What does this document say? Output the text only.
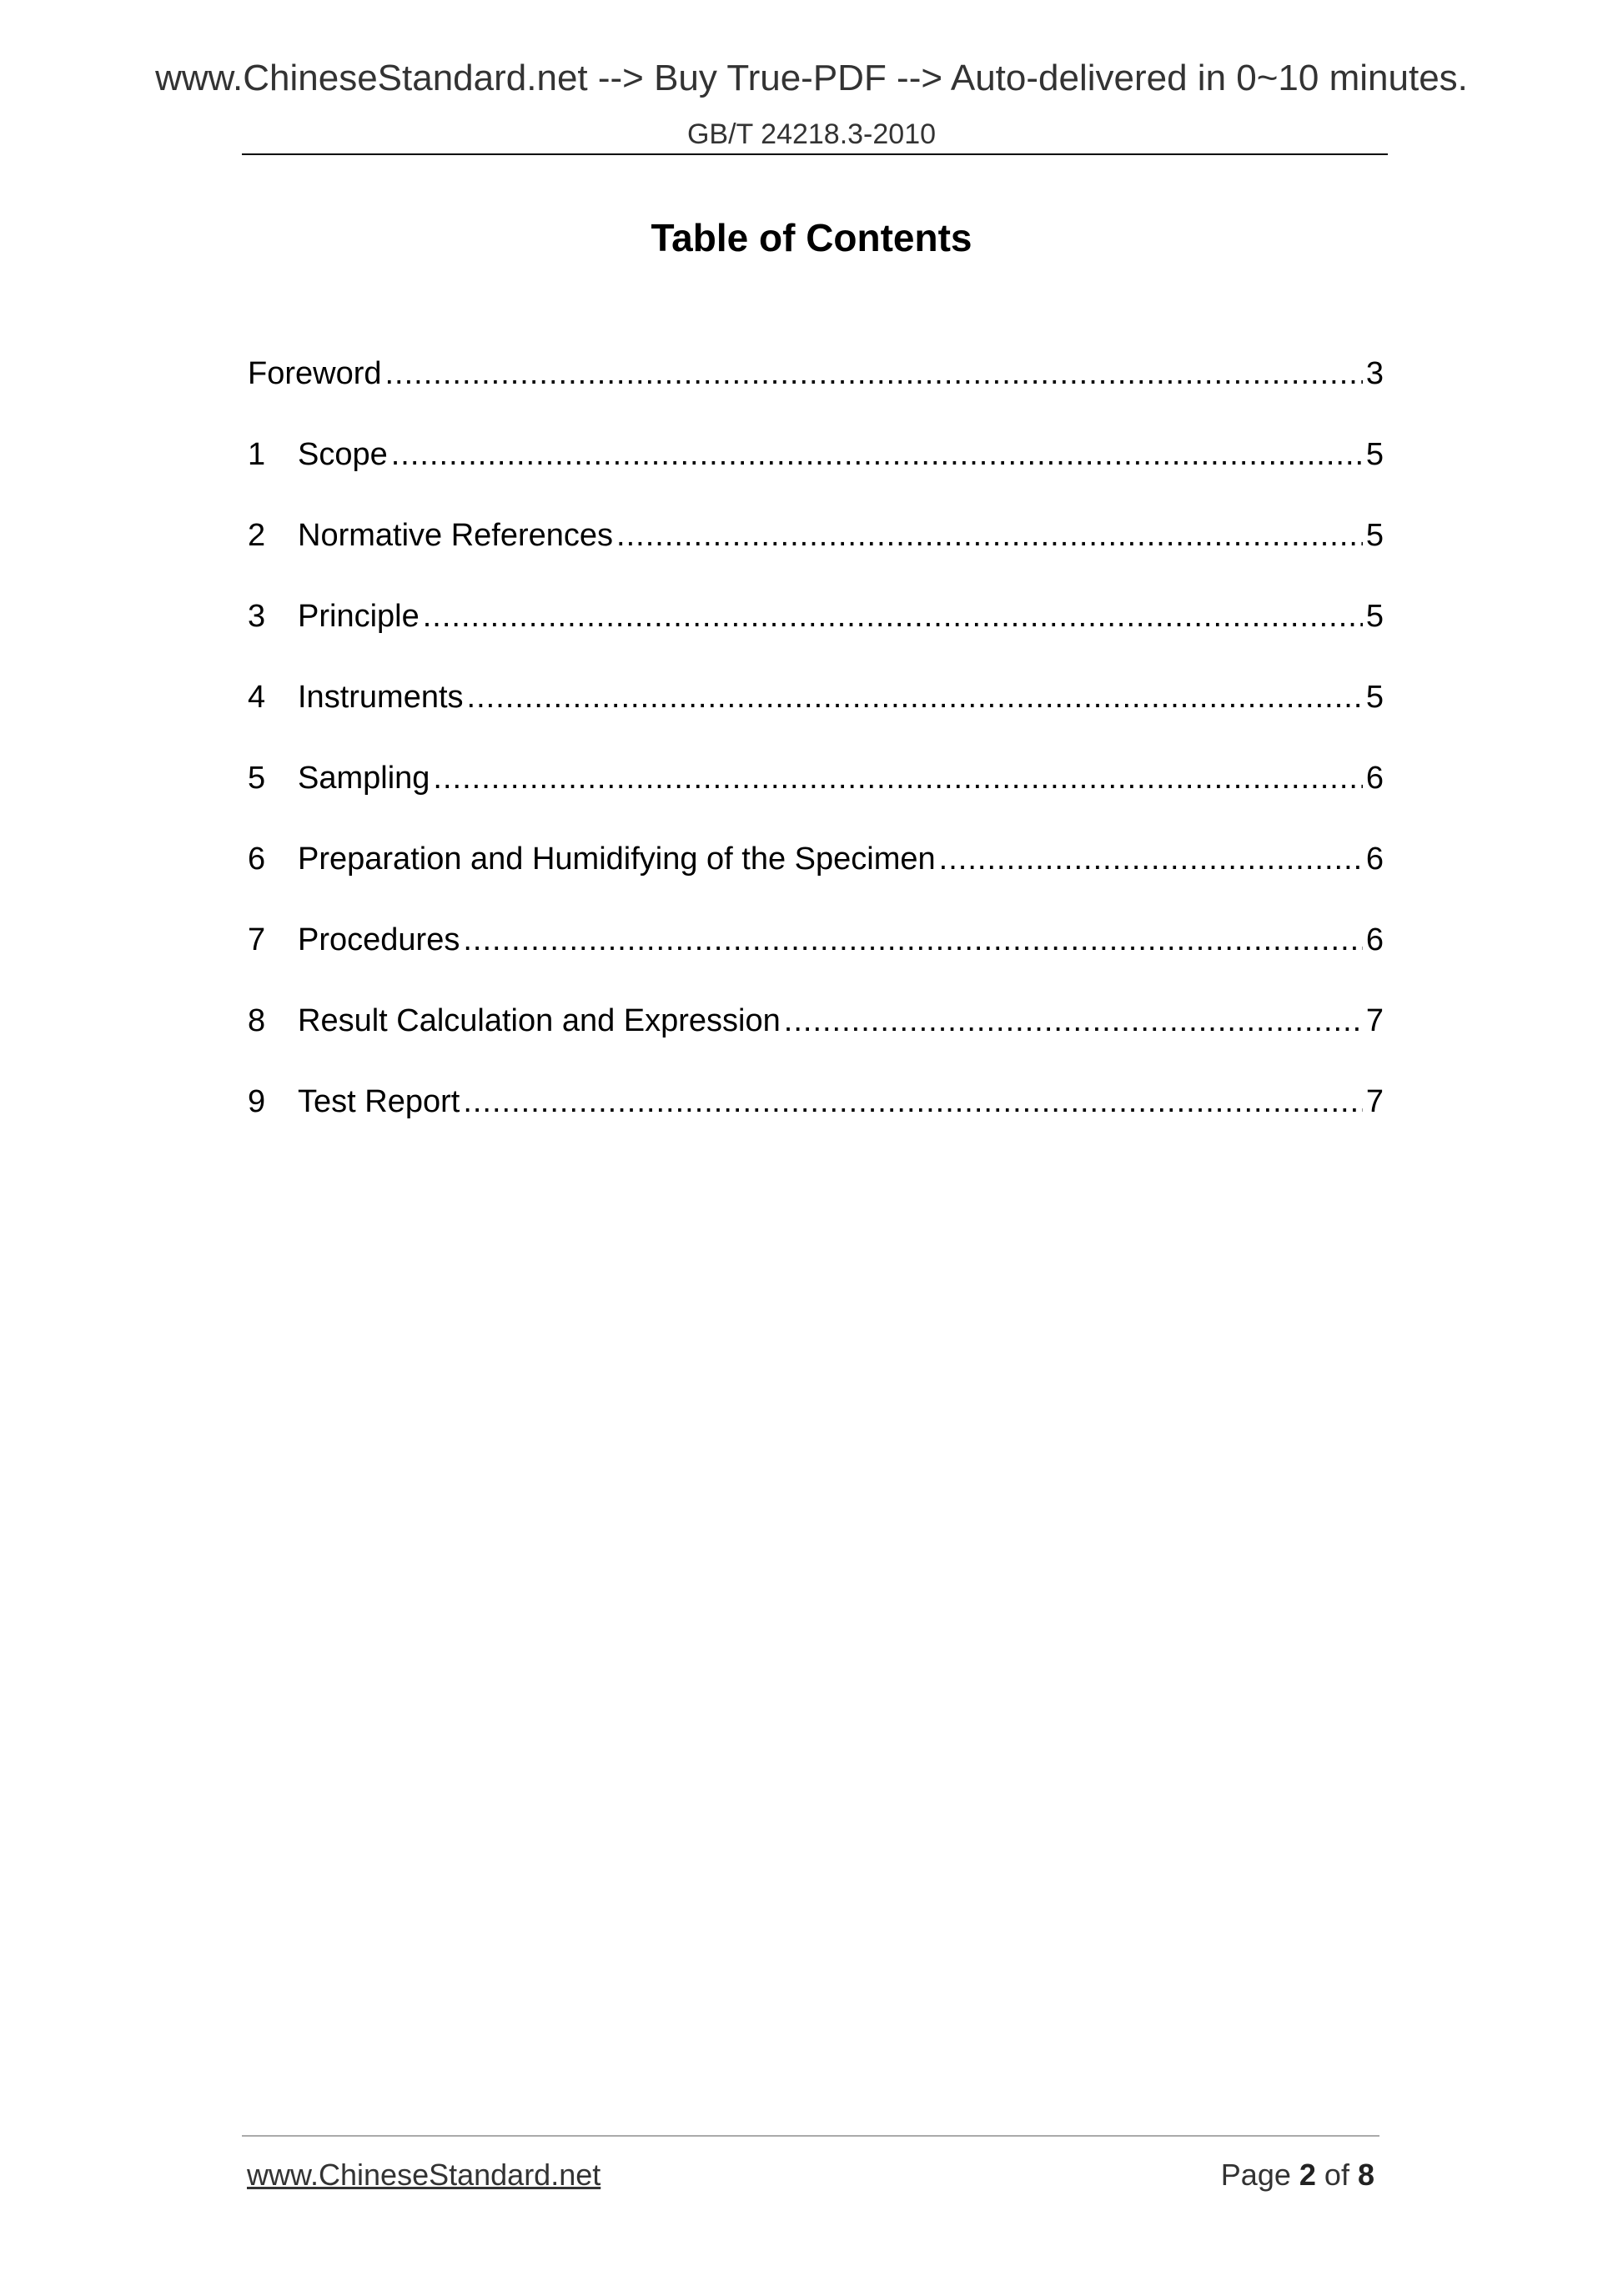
www.ChineseStandard.net --> Buy True-PDF --> Auto-delivered in 0~10 minutes.
GB/T 24218.3-2010
Table of Contents
Foreword .....	3
1	Scope .....	5
2	Normative References .....	5
3	Principle .....	5
4	Instruments .....	5
5	Sampling .....	6
6	Preparation and Humidifying of the Specimen .....	6
7	Procedures .....	6
8	Result Calculation and Expression .....	7
9	Test Report .....	7
www.ChineseStandard.net	Page 2 of 8
